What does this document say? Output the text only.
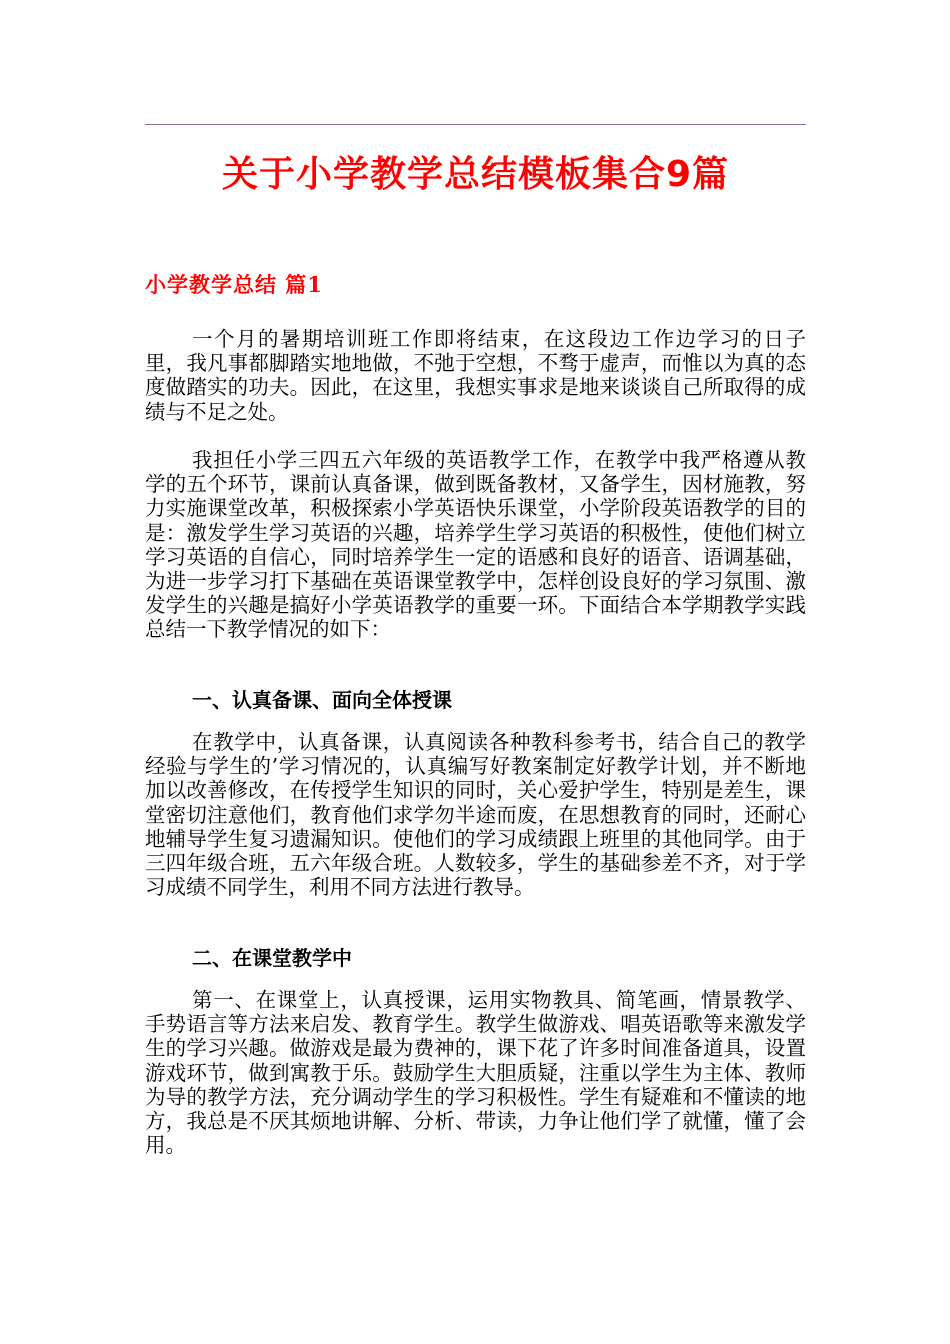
关于小学教学总结模板集合9篇
小学教学总结 篇1

一个月的暑期培训班工作即将结束，在这段边工作边学习的日子里，我凡事都脚踏实地地做，不弛于空想，不骛于虚声，而惟以为真的态度做踏实的功夫。因此，在这里，我想实事求是地来谈谈自己所取得的成绩与不足之处。

我担任小学三四五六年级的英语教学工作，在教学中我严格遵从教学的五个环节，课前认真备课，做到既备教材，又备学生，因材施教，努力实施课堂改革，积极探索小学英语快乐课堂，小学阶段英语教学的目的是：激发学生学习英语的兴趣，培养学生学习英语的积极性，使他们树立学习英语的自信心，同时培养学生一定的语感和良好的语音、语调基础，为进一步学习打下基础在英语课堂教学中，怎样创设良好的学习氛围、激发学生的兴趣是搞好小学英语教学的重要一环。下面结合本学期教学实践总结一下教学情况的如下：

一、认真备课、面向全体授课

在教学中，认真备课，认真阅读各种教科参考书，结合自己的教学经验与学生的’学习情况的，认真编写好教案制定好教学计划，并不断地加以改善修改，在传授学生知识的同时，关心爱护学生，特别是差生，课堂密切注意他们，教育他们求学勿半途而废，在思想教育的同时，还耐心地辅导学生复习遗漏知识。使他们的学习成绩跟上班里的其他同学。由于三四年级合班，五六年级合班。人数较多，学生的基础参差不齐，对于学习成绩不同学生，利用不同方法进行教导。

二、在课堂教学中

第一、在课堂上，认真授课，运用实物教具、简笔画，情景教学、手势语言等方法来启发、教育学生。教学生做游戏、唱英语歌等来激发学生的学习兴趣。做游戏是最为费神的，课下花了许多时间准备道具，设置游戏环节，做到寓教于乐。鼓励学生大胆质疑，注重以学生为主体、教师为导的教学方法，充分调动学生的学习积极性。学生有疑难和不懂读的地方，我总是不厌其烦地讲解、分析、带读，力争让他们学了就懂，懂了会用。
